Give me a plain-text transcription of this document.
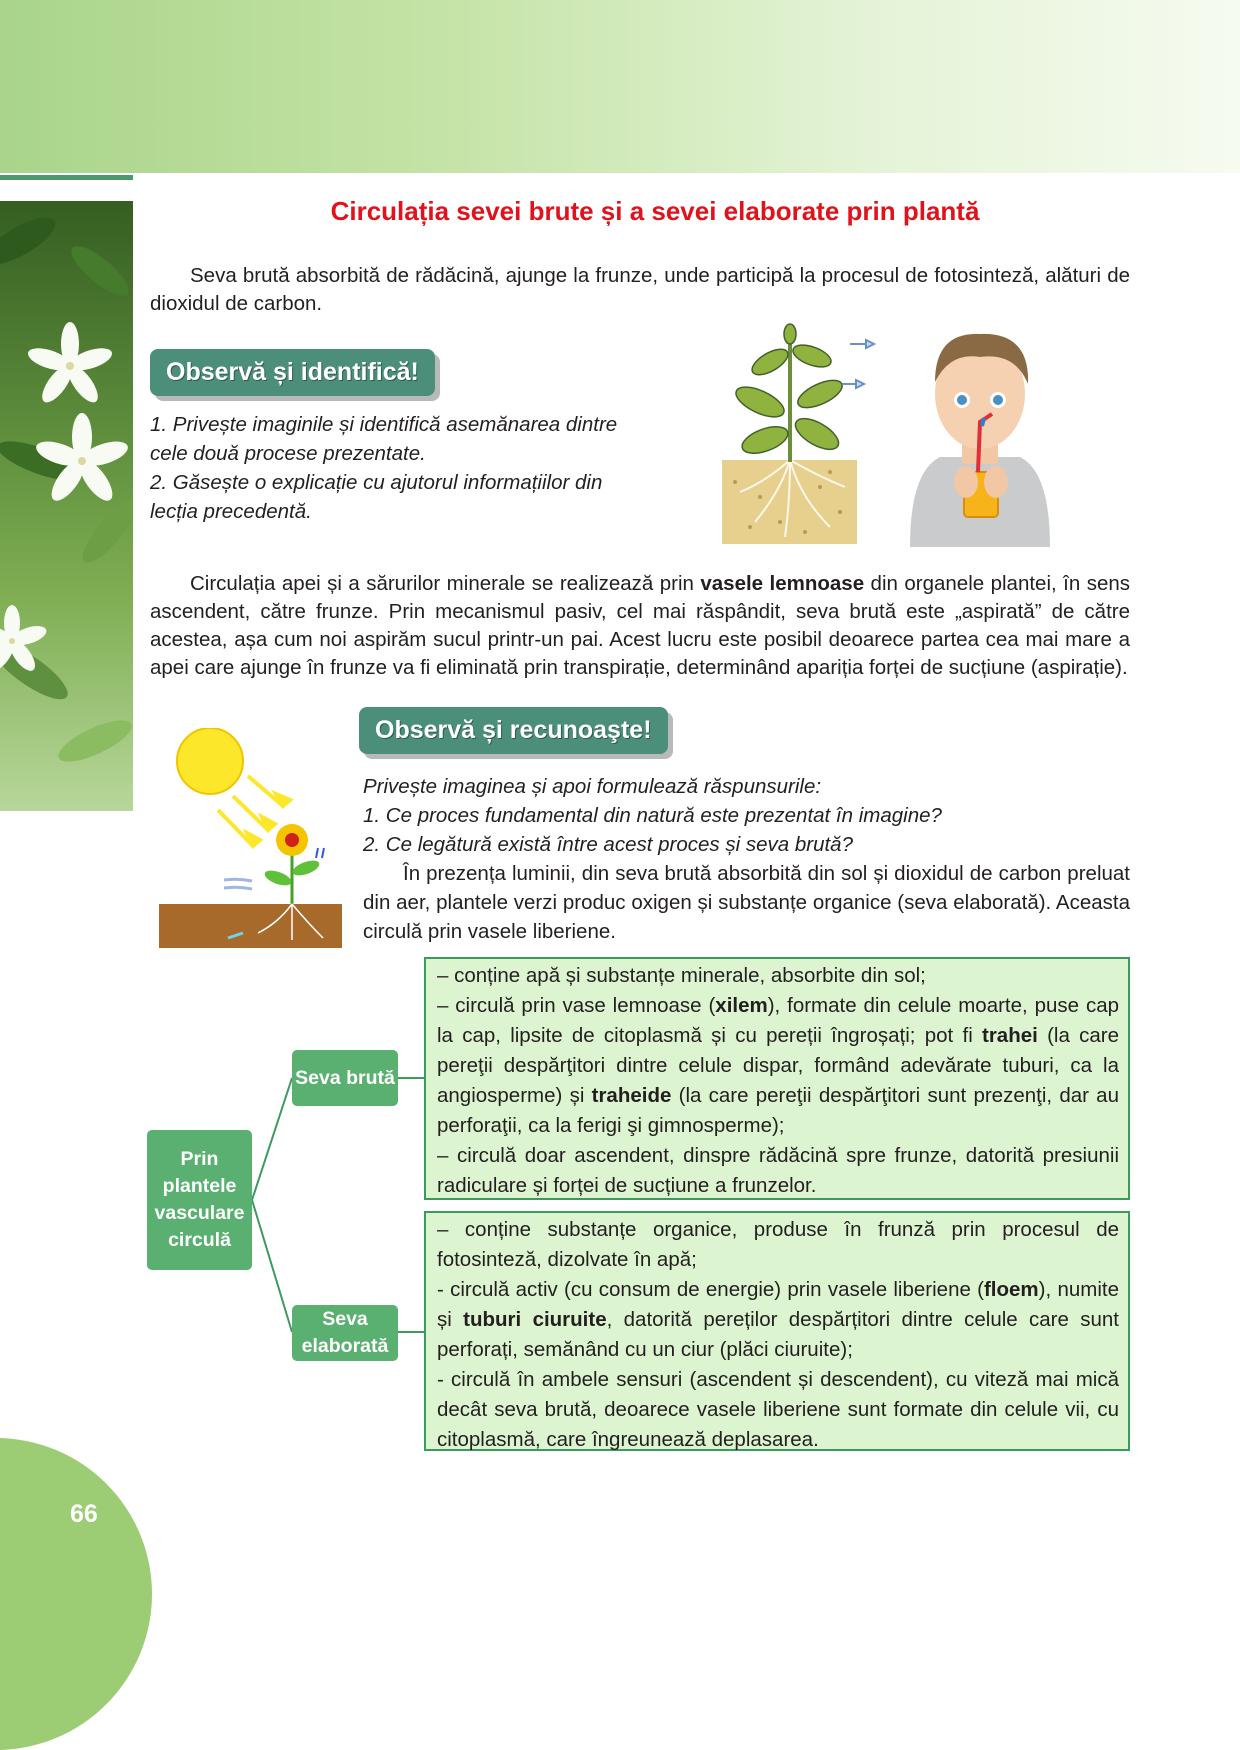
66
Circulația sevei brute și a sevei elaborate prin plantă

Seva brută absorbită de rădăcină, ajunge la frunze, unde participă la procesul de fotosinteză, alături de dioxidul de carbon.

Observă și identifică!

1. Privește imaginile și identifică asemănarea dintre cele două procese prezentate.

2. Găsește o explicație cu ajutorul informațiilor din lecția precedentă.

Circulația apei și a sărurilor minerale se realizează prin vasele lemnoase din organele plantei, în sens ascendent, către frunze. Prin mecanismul pasiv, cel mai răspândit, seva brută este „aspirată” de către acestea, așa cum noi aspirăm sucul printr-un pai. Acest lucru este posibil deoarece partea cea mai mare a apei care ajunge în frunze va fi eliminată prin transpirație, determinând apariția forței de sucțiune (aspirație).

Observă și recunoaşte!

Privește imaginea și apoi formulează răspunsurile:

1. Ce proces fundamental din natură este prezentat în imagine?

2. Ce legătură există între acest proces și seva brută?

În prezența luminii, din seva brută absorbită din sol și dioxidul de carbon preluat din aer, plantele verzi produc oxigen și substanțe organice (seva elaborată). Aceasta circulă prin vasele liberiene.

Prin plantele vasculare circulă
Seva brută
Seva elaborată
– conține apă și substanțe minerale, absorbite din sol;
– circulă prin vase lemnoase (xilem), formate din celule moarte, puse cap la cap, lipsite de citoplasmă și cu pereții îngroșați; pot fi trahei (la care pereţii despărţitori dintre celule dispar, formând adevărate tuburi, ca la angiosperme) și traheide (la care pereţii despărţitori sunt prezenţi, dar au perforaţii, ca la ferigi şi gimnosperme);
– circulă doar ascendent, dinspre rădăcină spre frunze, datorită presiunii radiculare și forței de sucțiune a frunzelor.
– conține substanțe organice, produse în frunză prin procesul de fotosinteză, dizolvate în apă;
- circulă activ (cu consum de energie) prin vasele liberiene (floem), numite și tuburi ciuruite, datorită pereților despărțitori dintre celule care sunt perforați, semănând cu un ciur (plăci ciuruite);
- circulă în ambele sensuri (ascendent și descendent), cu viteză mai mică decât seva brută, deoarece vasele liberiene sunt formate din celule vii, cu citoplasmă, care îngreunează deplasarea.
